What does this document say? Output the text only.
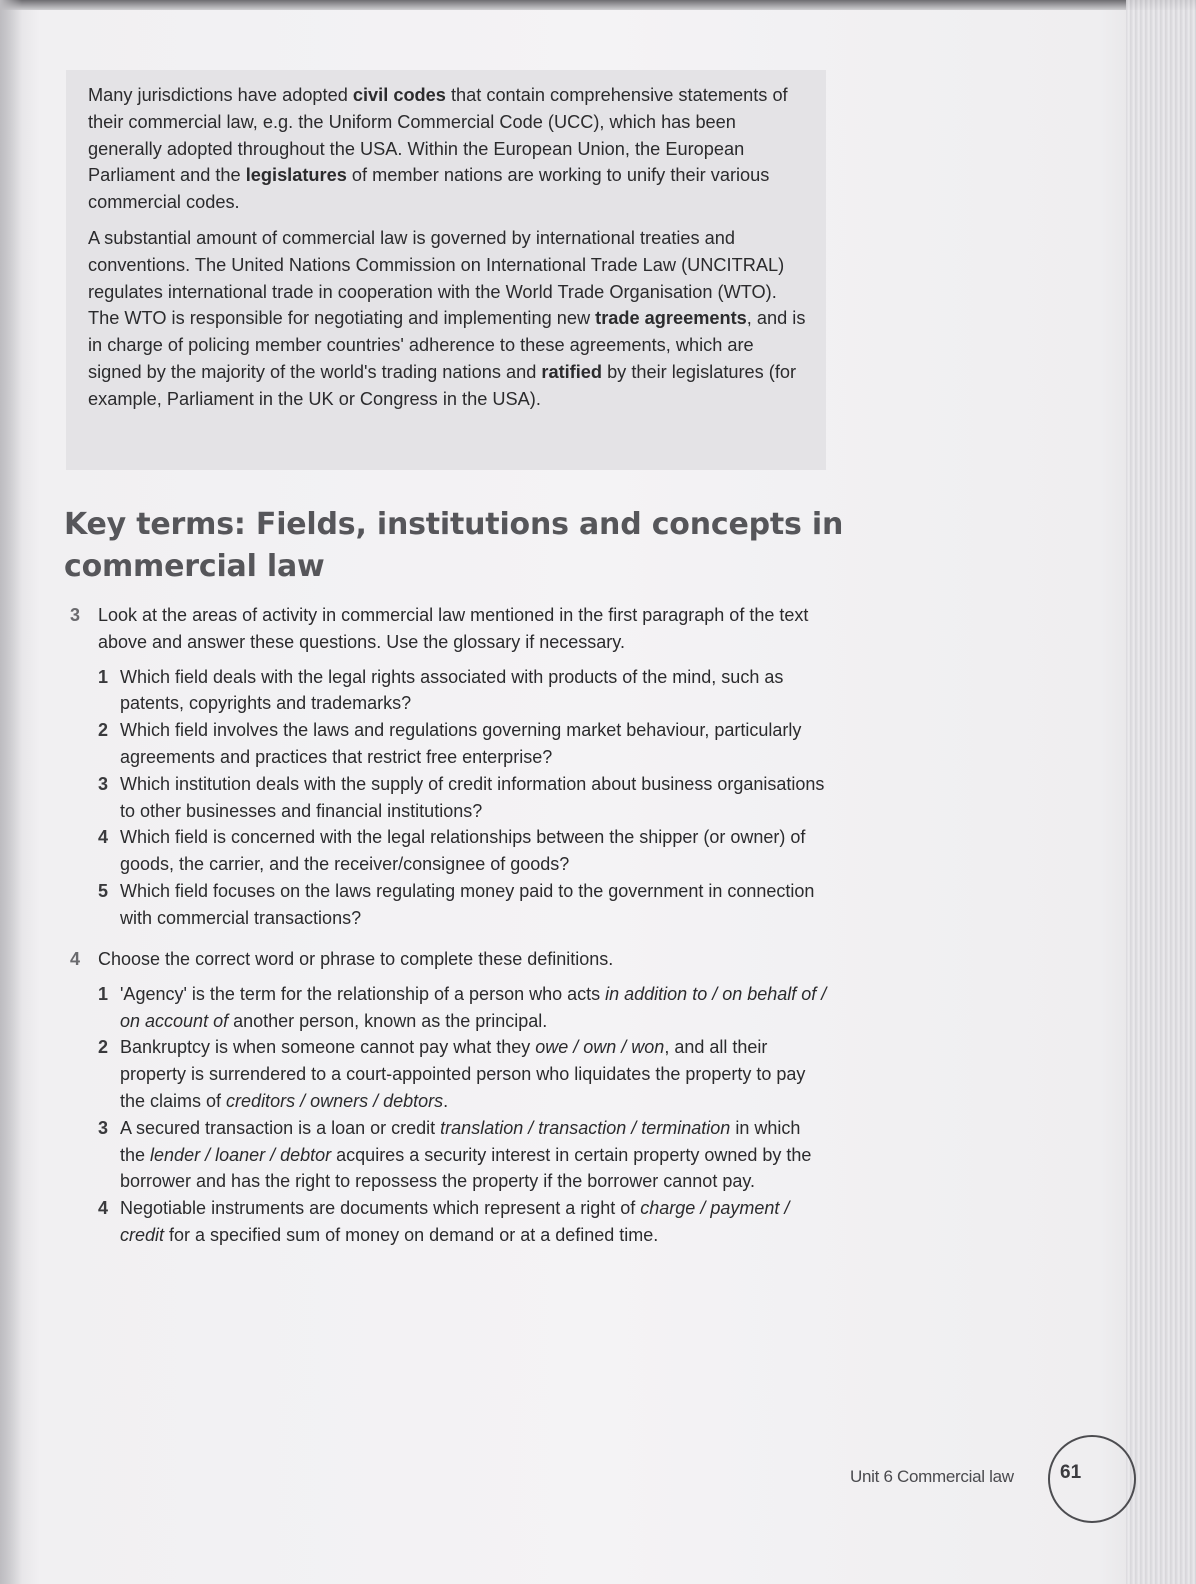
Many jurisdictions have adopted civil codes that contain comprehensive statements of their commercial law, e.g. the Uniform Commercial Code (UCC), which has been generally adopted throughout the USA. Within the European Union, the European Parliament and the legislatures of member nations are working to unify their various commercial codes.

A substantial amount of commercial law is governed by international treaties and conventions. The United Nations Commission on International Trade Law (UNCITRAL) regulates international trade in cooperation with the World Trade Organisation (WTO). The WTO is responsible for negotiating and implementing new trade agreements, and is in charge of policing member countries' adherence to these agreements, which are signed by the majority of the world's trading nations and ratified by their legislatures (for example, Parliament in the UK or Congress in the USA).

Key terms: Fields, institutions and concepts in commercial law
3 Look at the areas of activity in commercial law mentioned in the first paragraph of the text above and answer these questions. Use the glossary if necessary.
1 Which field deals with the legal rights associated with products of the mind, such as patents, copyrights and trademarks?
2 Which field involves the laws and regulations governing market behaviour, particularly agreements and practices that restrict free enterprise?
3 Which institution deals with the supply of credit information about business organisations to other businesses and financial institutions?
4 Which field is concerned with the legal relationships between the shipper (or owner) of goods, the carrier, and the receiver/consignee of goods?
5 Which field focuses on the laws regulating money paid to the government in connection with commercial transactions?
4 Choose the correct word or phrase to complete these definitions.
1 'Agency' is the term for the relationship of a person who acts in addition to / on behalf of / on account of another person, known as the principal.
2 Bankruptcy is when someone cannot pay what they owe / own / won, and all their property is surrendered to a court-appointed person who liquidates the property to pay the claims of creditors / owners / debtors.
3 A secured transaction is a loan or credit translation / transaction / termination in which the lender / loaner / debtor acquires a security interest in certain property owned by the borrower and has the right to repossess the property if the borrower cannot pay.
4 Negotiable instruments are documents which represent a right of charge / payment / credit for a specified sum of money on demand or at a defined time.
Unit 6 Commercial law 61
